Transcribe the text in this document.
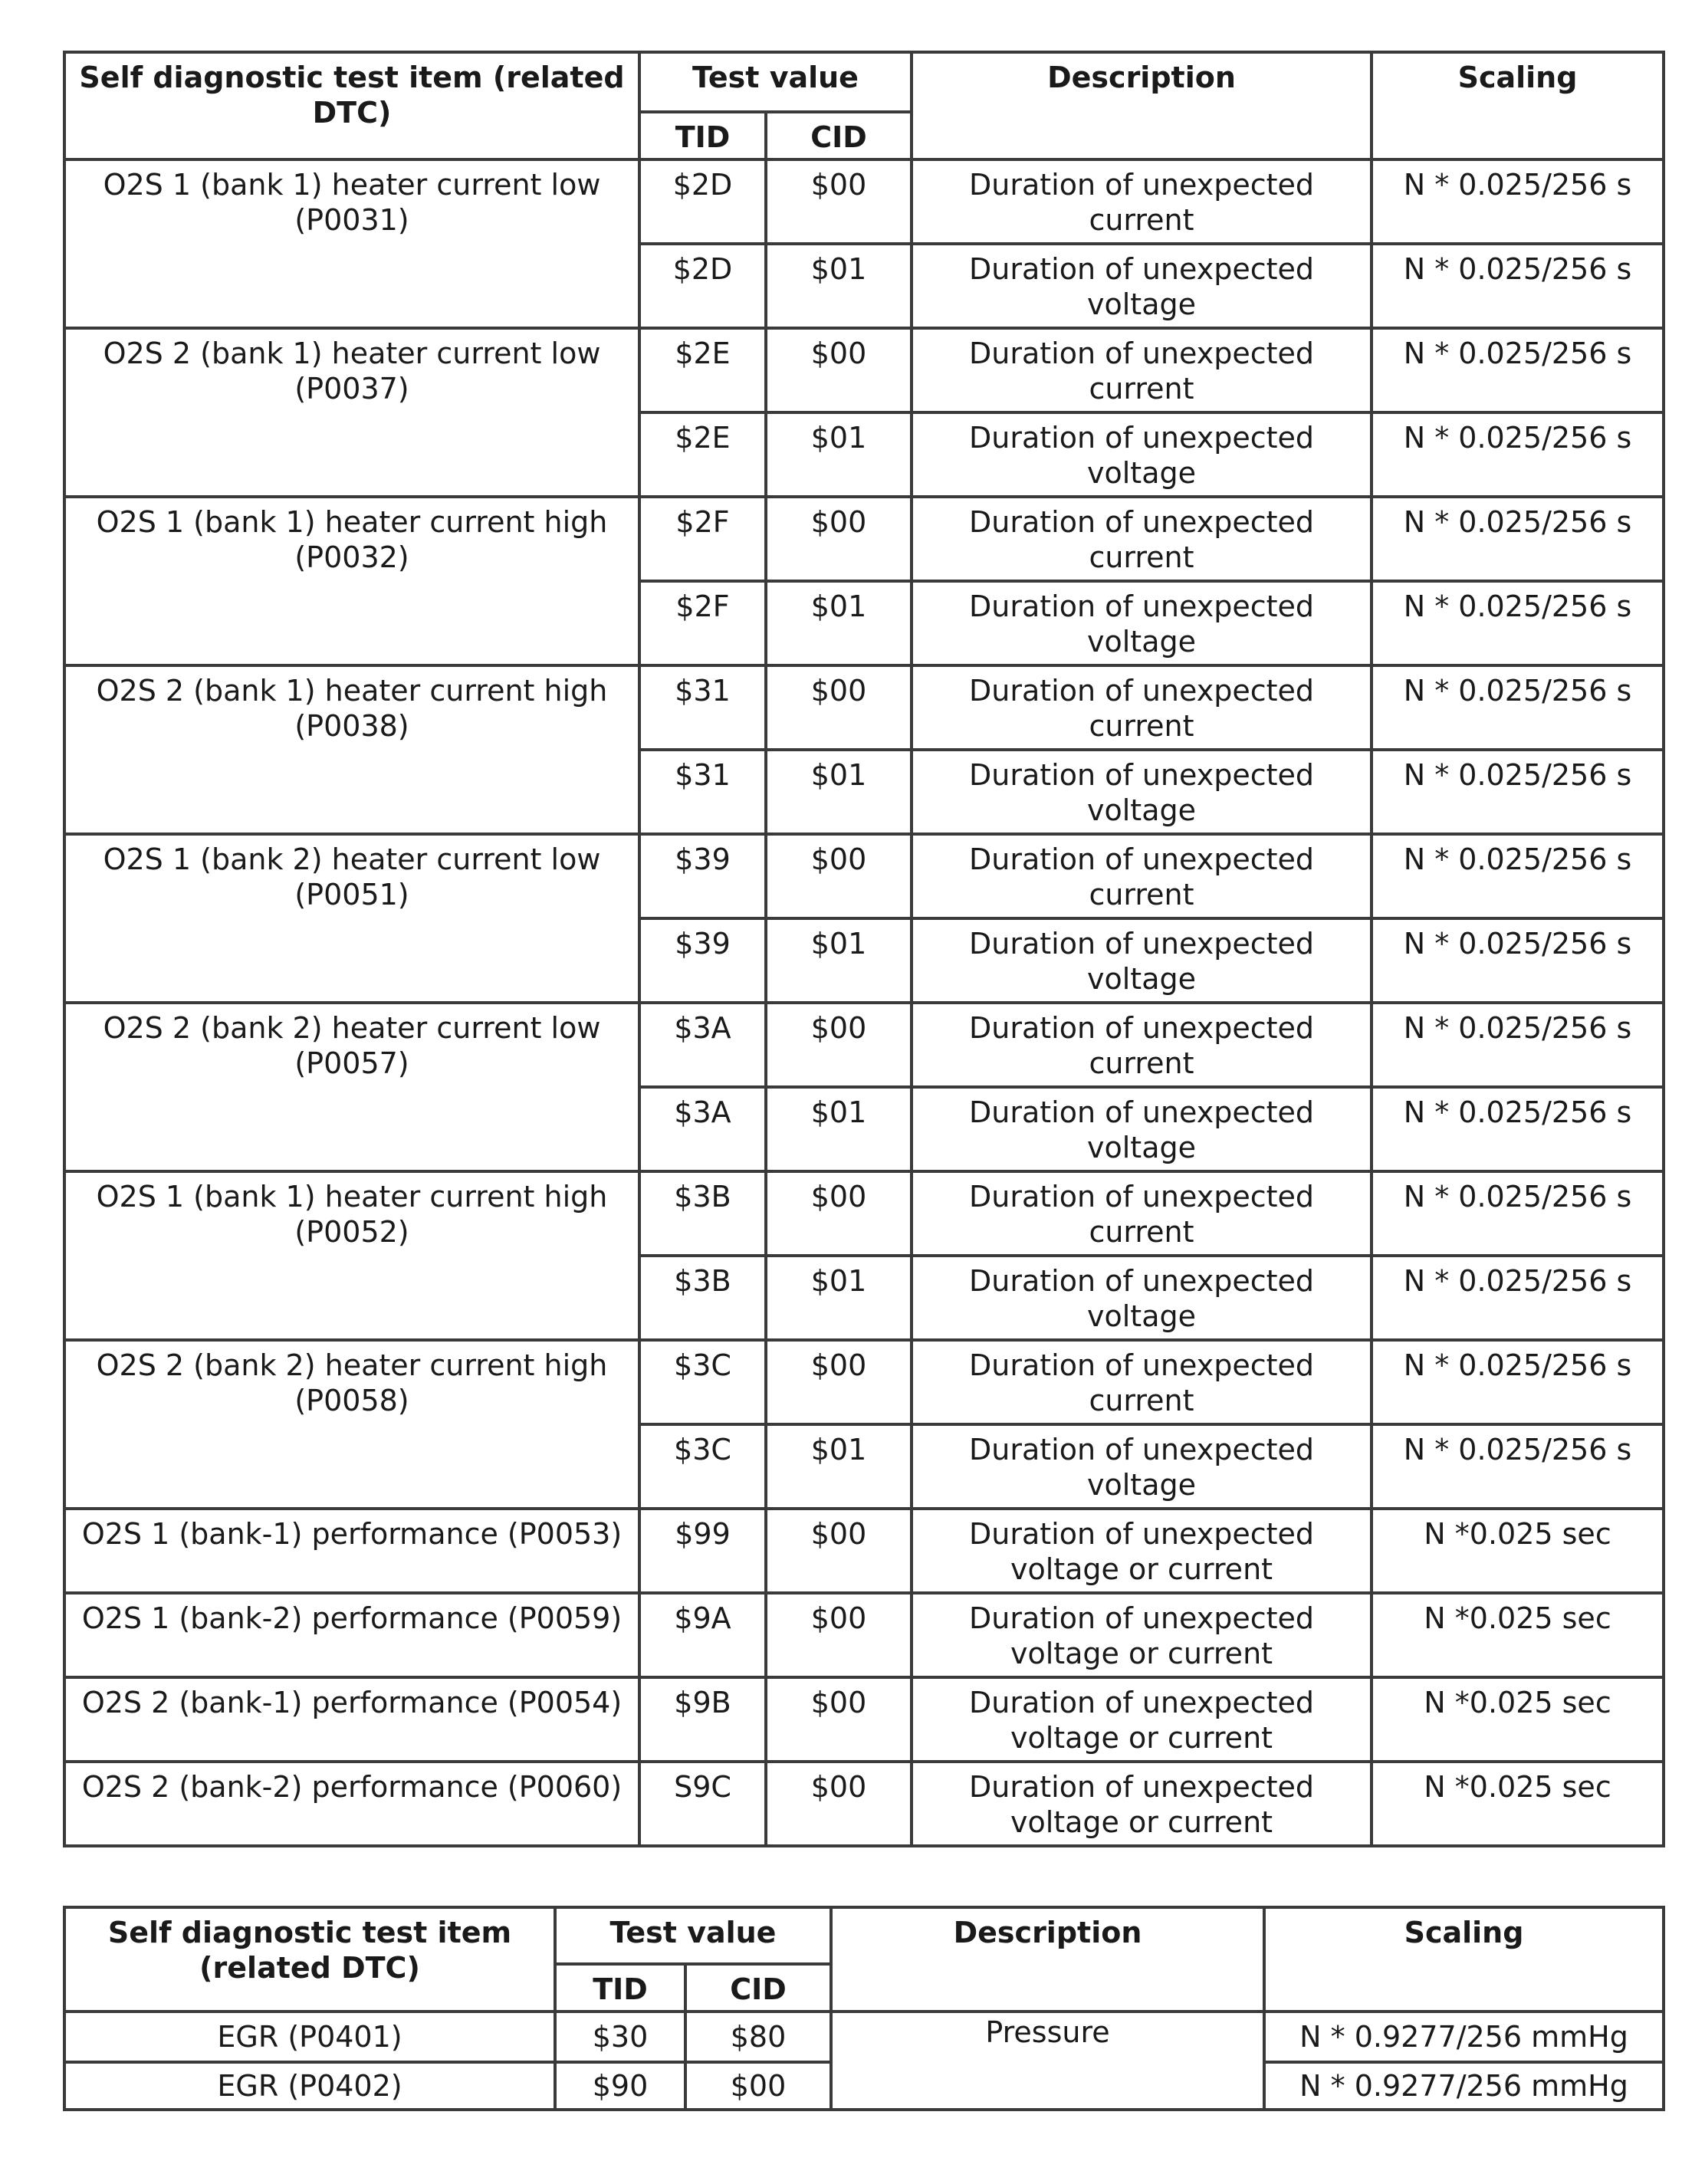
Self diagnostic test item (related DTC)	Test value		Description	Scaling
	TID	CID		
O2S 1 (bank 1) heater current low (P0031)	$2D	$00	Duration of unexpected current	N * 0.025/256 s
	$2D	$01	Duration of unexpected voltage	N * 0.025/256 s
O2S 2 (bank 1) heater current low (P0037)	$2E	$00	Duration of unexpected current	N * 0.025/256 s
	$2E	$01	Duration of unexpected voltage	N * 0.025/256 s
O2S 1 (bank 1) heater current high (P0032)	$2F	$00	Duration of unexpected current	N * 0.025/256 s
	$2F	$01	Duration of unexpected voltage	N * 0.025/256 s
O2S 2 (bank 1) heater current high (P0038)	$31	$00	Duration of unexpected current	N * 0.025/256 s
	$31	$01	Duration of unexpected voltage	N * 0.025/256 s
O2S 1 (bank 2) heater current low (P0051)	$39	$00	Duration of unexpected current	N * 0.025/256 s
	$39	$01	Duration of unexpected voltage	N * 0.025/256 s
O2S 2 (bank 2) heater current low (P0057)	$3A	$00	Duration of unexpected current	N * 0.025/256 s
	$3A	$01	Duration of unexpected voltage	N * 0.025/256 s
O2S 1 (bank 1) heater current high (P0052)	$3B	$00	Duration of unexpected current	N * 0.025/256 s
	$3B	$01	Duration of unexpected voltage	N * 0.025/256 s
O2S 2 (bank 2) heater current high (P0058)	$3C	$00	Duration of unexpected current	N * 0.025/256 s
	$3C	$01	Duration of unexpected voltage	N * 0.025/256 s
O2S 1 (bank-1) performance (P0053)	$99	$00	Duration of unexpected voltage or current	N *0.025 sec
O2S 1 (bank-2) performance (P0059)	$9A	$00	Duration of unexpected voltage or current	N *0.025 sec
O2S 2 (bank-1) performance (P0054)	$9B	$00	Duration of unexpected voltage or current	N *0.025 sec
O2S 2 (bank-2) performance (P0060)	S9C	$00	Duration of unexpected voltage or current	N *0.025 sec
Self diagnostic test item (related DTC)	Test value		Description	Scaling
	TID	CID		
EGR (P0401)	$30	$80	Pressure	N * 0.9277/256 mmHg
EGR (P0402)	$90	$00		N * 0.9277/256 mmHg
